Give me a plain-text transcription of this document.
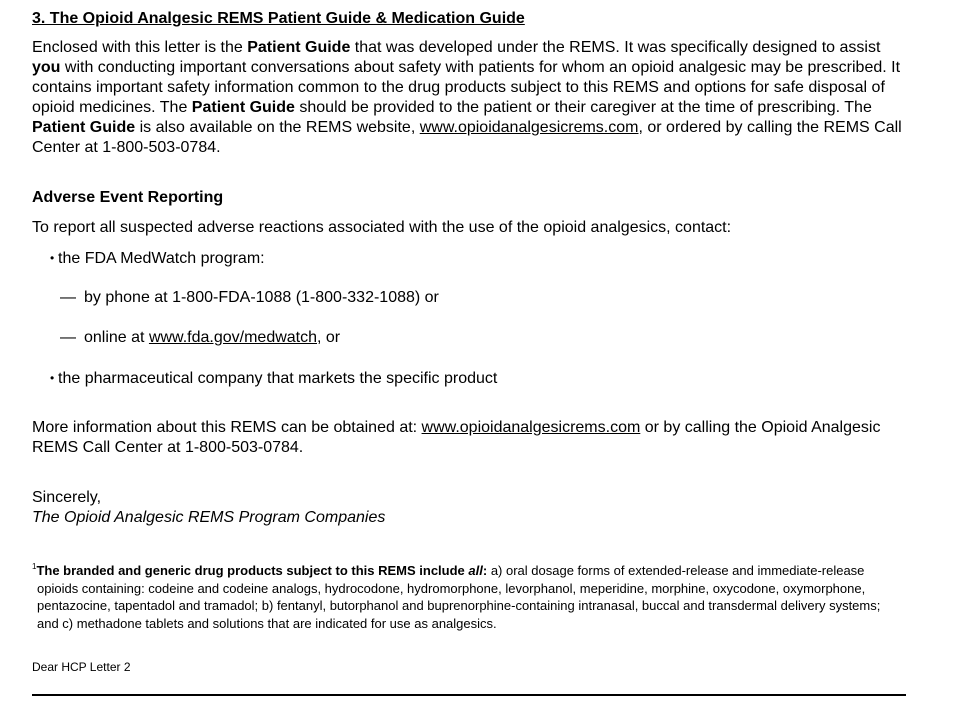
3. The Opioid Analgesic REMS Patient Guide & Medication Guide

Enclosed with this letter is the Patient Guide that was developed under the REMS. It was specifically designed to assist you with conducting important conversations about safety with patients for whom an opioid analgesic may be prescribed. It contains important safety information common to the drug products subject to this REMS and options for safe disposal of opioid medicines. The Patient Guide should be provided to the patient or their caregiver at the time of prescribing. The Patient Guide is also available on the REMS website, www.opioidanalgesicrems.com, or ordered by calling the REMS Call Center at 1-800-503-0784.

Adverse Event Reporting

To report all suspected adverse reactions associated with the use of the opioid analgesics, contact:

• the FDA MedWatch program:

— by phone at 1-800-FDA-1088 (1-800-332-1088) or

— online at www.fda.gov/medwatch, or

• the pharmaceutical company that markets the specific product

More information about this REMS can be obtained at: www.opioidanalgesicrems.com or by calling the Opioid Analgesic REMS Call Center at 1-800-503-0784.

Sincerely,

The Opioid Analgesic REMS Program Companies

$^1$The branded and generic drug products subject to this REMS include all: a) oral dosage forms of extended-release and immediate-release opioids containing: codeine and codeine analogs, hydrocodone, hydromorphone, levorphanol, meperidine, morphine, oxycodone, oxymorphone, pentazocine, tapentadol and tramadol; b) fentanyl, butorphanol and buprenorphine-containing intranasal, buccal and transdermal delivery systems; and c) methadone tablets and solutions that are indicated for use as analgesics.

Dear HCP Letter 2
